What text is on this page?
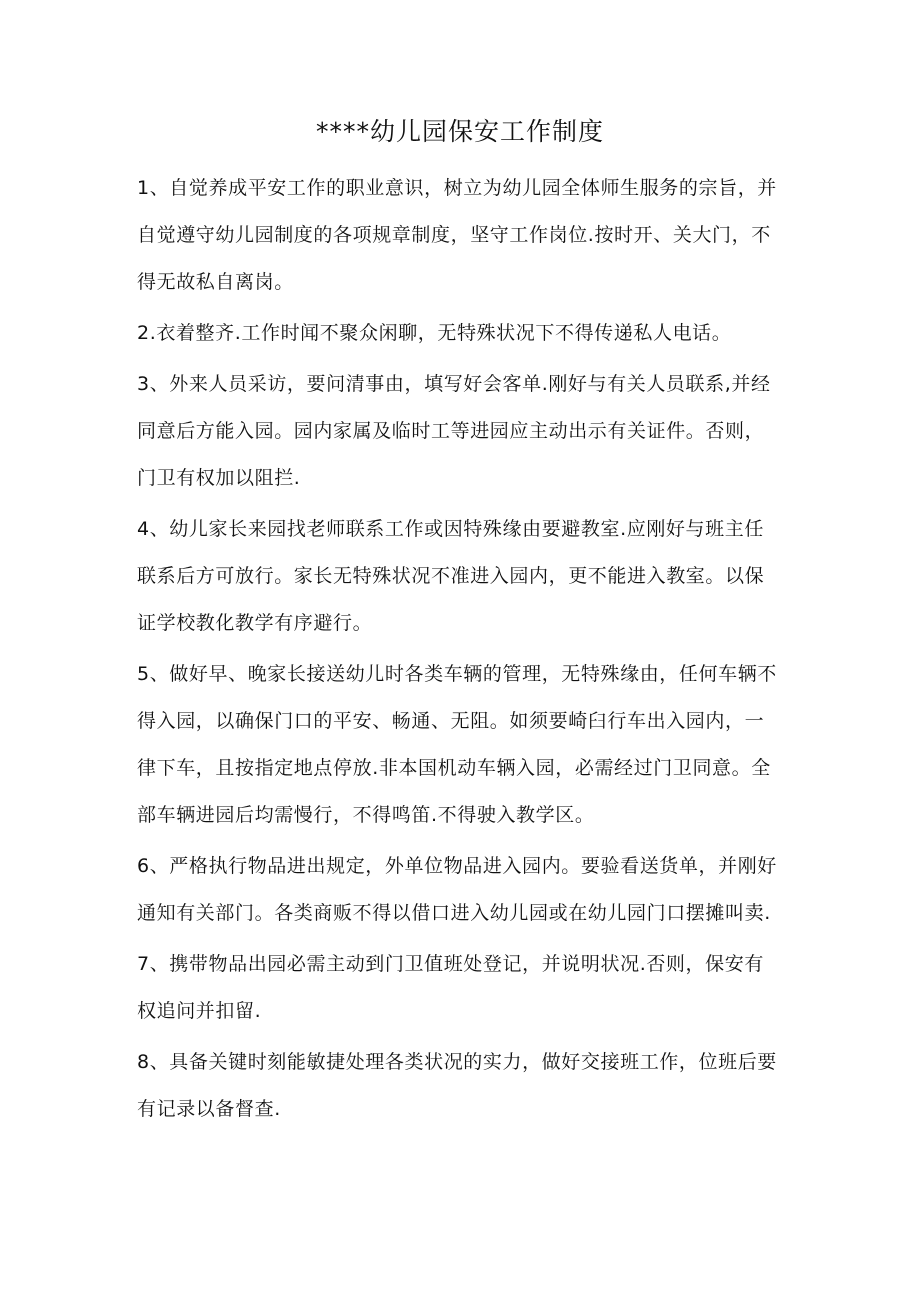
****幼儿园保安工作制度

1、自觉养成平安工作的职业意识，树立为幼儿园全体师生服务的宗旨，并
自觉遵守幼儿园制度的各项规章制度，坚守工作岗位.按时开、关大门，不
得无故私自离岗。

2.衣着整齐.工作时闻不聚众闲聊，无特殊状况下不得传递私人电话。

3、外来人员采访，要问清事由，填写好会客单.刚好与有关人员联系,并经
同意后方能入园。园内家属及临时工等进园应主动出示有关证件。否则，
门卫有权加以阻拦.

4、幼儿家长来园找老师联系工作或因特殊缘由要避教室.应刚好与班主任
联系后方可放行。家长无特殊状况不准进入园内，更不能进入教室。以保
证学校教化教学有序避行。

5、做好早、晚家长接送幼儿时各类车辆的管理，无特殊缘由，任何车辆不
得入园，以确保门口的平安、畅通、无阻。如须要崎臼行车出入园内，一
律下车，且按指定地点停放.非本国机动车辆入园，必需经过门卫同意。全
部车辆进园后均需慢行，不得鸣笛.不得驶入教学区。

6、严格执行物品进出规定，外单位物品进入园内。要验看送货单，并刚好
通知有关部门。各类商贩不得以借口进入幼儿园或在幼儿园门口摆摊叫卖.

7、携带物品出园必需主动到门卫值班处登记，并说明状况.否则，保安有
权追问并扣留.

8、具备关键时刻能敏捷处理各类状况的实力，做好交接班工作，位班后要
有记录以备督查.
